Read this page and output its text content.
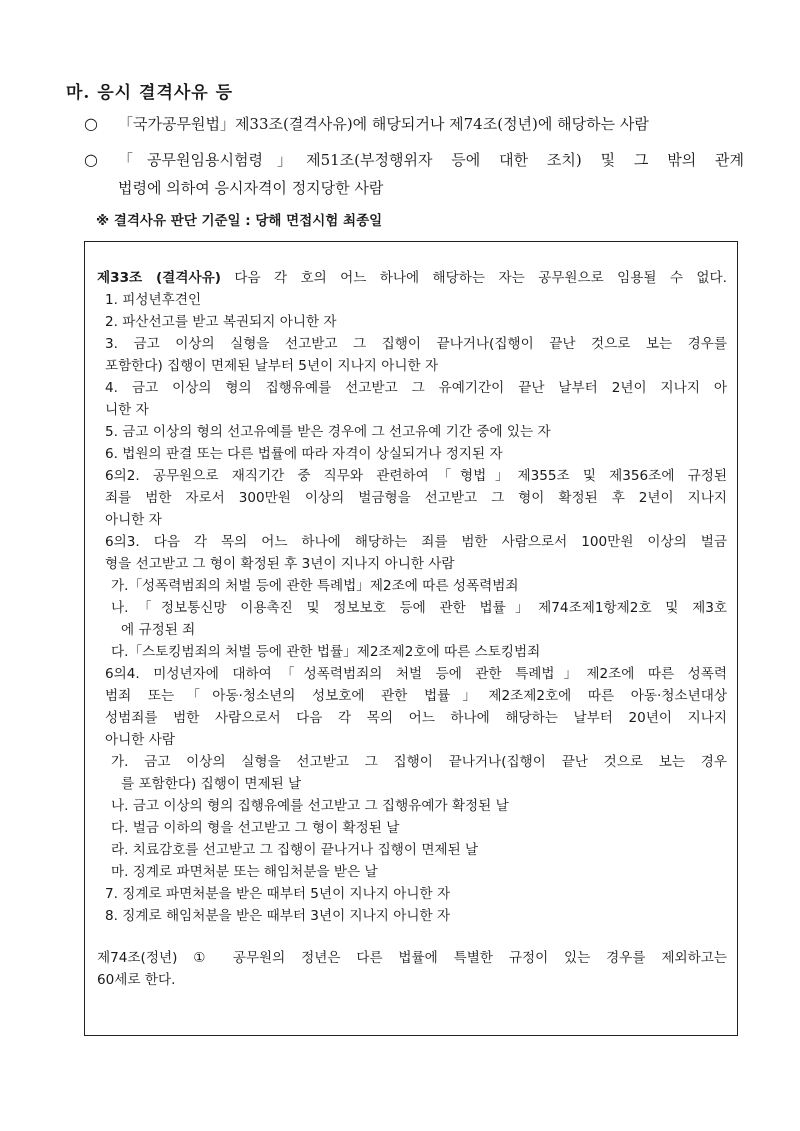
마. 응시 결격사유 등
○ 「국가공무원법」제33조(결격사유)에 해당되거나 제74조(정년)에 해당하는 사람
○ 「공무원임용시험령」제51조(부정행위자 등에 대한 조치) 및 그 밖의 관계
법령에 의하여 응시자격이 정지당한 사람
※ 결격사유 판단 기준일 : 당해 면접시험 최종일
제33조 (결격사유) 다음 각 호의 어느 하나에 해당하는 자는 공무원으로 임용될 수 없다.
1. 피성년후견인
2. 파산선고를 받고 복권되지 아니한 자
3. 금고 이상의 실형을 선고받고 그 집행이 끝나거나(집행이 끝난 것으로 보는 경우를
포함한다) 집행이 면제된 날부터 5년이 지나지 아니한 자
4. 금고 이상의 형의 집행유예를 선고받고 그 유예기간이 끝난 날부터 2년이 지나지 아
니한 자
5. 금고 이상의 형의 선고유예를 받은 경우에 그 선고유예 기간 중에 있는 자
6. 법원의 판결 또는 다른 법률에 따라 자격이 상실되거나 정지된 자
6의2. 공무원으로 재직기간 중 직무와 관련하여「형법」제355조 및 제356조에 규정된
죄를 범한 자로서 300만원 이상의 벌금형을 선고받고 그 형이 확정된 후 2년이 지나지
아니한 자
6의3. 다음 각 목의 어느 하나에 해당하는 죄를 범한 사람으로서 100만원 이상의 벌금
형을 선고받고 그 형이 확정된 후 3년이 지나지 아니한 사람
가.「성폭력범죄의 처벌 등에 관한 특례법」제2조에 따른 성폭력범죄
나.「정보통신망 이용촉진 및 정보보호 등에 관한 법률」제74조제1항제2호 및 제3호
에 규정된 죄
다.「스토킹범죄의 처벌 등에 관한 법률」제2조제2호에 따른 스토킹범죄
6의4. 미성년자에 대하여「성폭력범죄의 처벌 등에 관한 특례법」제2조에 따른 성폭력
범죄 또는「아동·청소년의 성보호에 관한 법률」제2조제2호에 따른 아동·청소년대상
성범죄를 범한 사람으로서 다음 각 목의 어느 하나에 해당하는 날부터 20년이 지나지
아니한 사람
가. 금고 이상의 실형을 선고받고 그 집행이 끝나거나(집행이 끝난 것으로 보는 경우
를 포함한다) 집행이 면제된 날
나. 금고 이상의 형의 집행유예를 선고받고 그 집행유예가 확정된 날
다. 벌금 이하의 형을 선고받고 그 형이 확정된 날
라. 치료감호를 선고받고 그 집행이 끝나거나 집행이 면제된 날
마. 징계로 파면처분 또는 해임처분을 받은 날
7. 징계로 파면처분을 받은 때부터 5년이 지나지 아니한 자
8. 징계로 해임처분을 받은 때부터 3년이 지나지 아니한 자
제74조(정년) ① 공무원의 정년은 다른 법률에 특별한 규정이 있는 경우를 제외하고는
60세로 한다.
